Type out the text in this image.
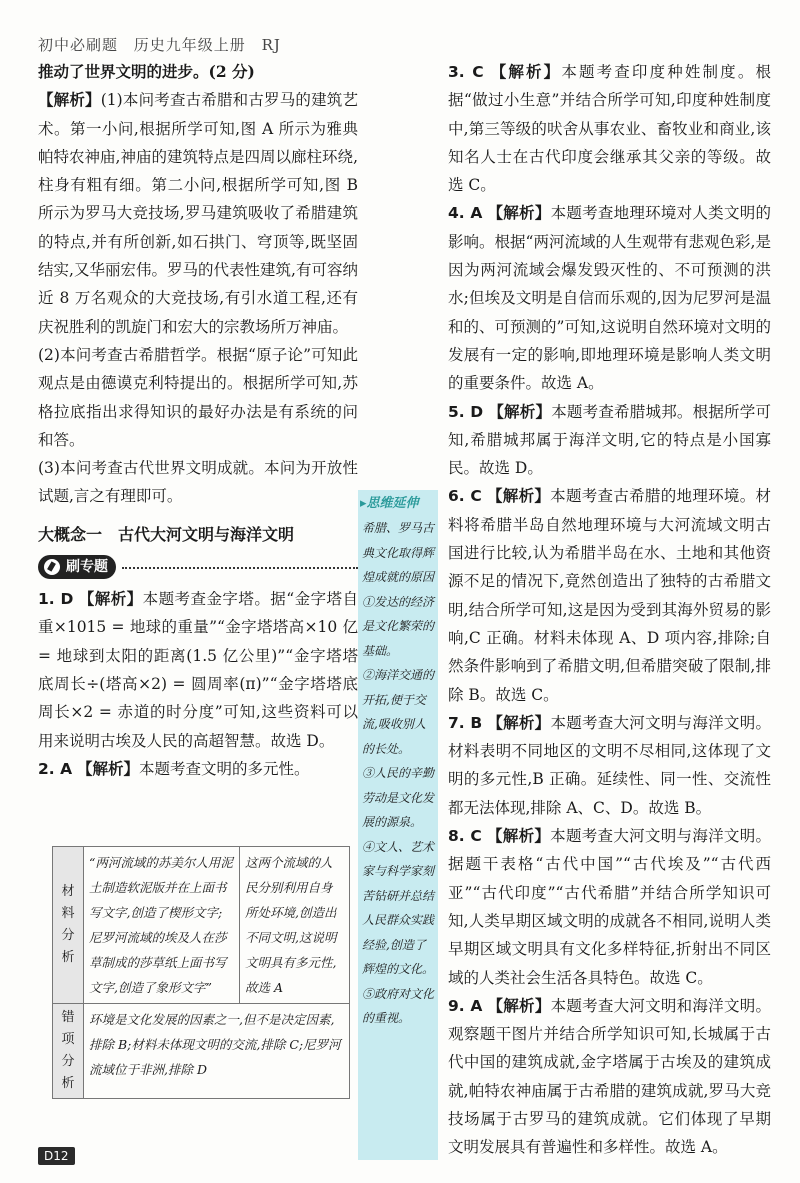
初中必刷题 历史九年级上册 RJ

推动了世界文明的进步。(2 分)

【解析】(1)本问考查古希腊和古罗马的建筑艺术。第一小问,根据所学可知,图 A 所示为雅典帕特农神庙,神庙的建筑特点是四周以廊柱环绕,柱身有粗有细。第二小问,根据所学可知,图 B 所示为罗马大竞技场,罗马建筑吸收了希腊建筑的特点,并有所创新,如石拱门、穹顶等,既坚固结实,又华丽宏伟。罗马的代表性建筑,有可容纳近 8 万名观众的大竞技场,有引水道工程,还有庆祝胜利的凯旋门和宏大的宗教场所万神庙。

(2)本问考查古希腊哲学。根据“原子论”可知此观点是由德谟克利特提出的。根据所学可知,苏格拉底指出求得知识的最好办法是有系统的问和答。

(3)本问考查古代世界文明成就。本问为开放性试题,言之有理即可。

大概念一　古代大河文明与海洋文明
刷专题

1. D 【解析】本题考查金字塔。据“金字塔自重×1015 = 地球的重量”“金字塔塔高×10 亿 = 地球到太阳的距离(1.5 亿公里)”“金字塔塔底周长÷(塔高×2) = 圆周率(π)”“金字塔塔底周长×2 = 赤道的时分度”可知,这些资料可以用来说明古埃及人民的高超智慧。故选 D。

2. A 【解析】本题考查文明的多元性。

材料分析	“两河流域的苏美尔人用泥土制造软泥版并在上面书写文字,创造了楔形文字;尼罗河流域的埃及人在莎草制成的莎草纸上面书写文字,创造了象形文字”	这两个流域的人民分别利用自身所处环境,创造出不同文明,这说明文明具有多元性,故选 A
错项分析	环境是文化发展的因素之一,但不是决定因素,排除 B;材料未体现文明的交流,排除 C;尼罗河流域位于非洲,排除 D	
▸思维延伸

希腊、罗马古典文化取得辉煌成就的原因

①发达的经济是文化繁荣的基础。

②海洋交通的开拓,便于交流,吸收别人的长处。

③人民的辛勤劳动是文化发展的源泉。

④文人、艺术家与科学家刻苦钻研并总结人民群众实践经验,创造了辉煌的文化。

⑤政府对文化的重视。

3. C 【解析】本题考查印度种姓制度。根据“做过小生意”并结合所学可知,印度种姓制度中,第三等级的吠舍从事农业、畜牧业和商业,该知名人士在古代印度会继承其父亲的等级。故选 C。

4. A 【解析】本题考查地理环境对人类文明的影响。根据“两河流域的人生观带有悲观色彩,是因为两河流域会爆发毁灭性的、不可预测的洪水;但埃及文明是自信而乐观的,因为尼罗河是温和的、可预测的”可知,这说明自然环境对文明的发展有一定的影响,即地理环境是影响人类文明的重要条件。故选 A。

5. D 【解析】本题考查希腊城邦。根据所学可知,希腊城邦属于海洋文明,它的特点是小国寡民。故选 D。

6. C 【解析】本题考查古希腊的地理环境。材料将希腊半岛自然地理环境与大河流域文明古国进行比较,认为希腊半岛在水、土地和其他资源不足的情况下,竟然创造出了独特的古希腊文明,结合所学可知,这是因为受到其海外贸易的影响,C 正确。材料未体现 A、D 项内容,排除;自然条件影响到了希腊文明,但希腊突破了限制,排除 B。故选 C。

7. B 【解析】本题考查大河文明与海洋文明。材料表明不同地区的文明不尽相同,这体现了文明的多元性,B 正确。延续性、同一性、交流性都无法体现,排除 A、C、D。故选 B。

8. C 【解析】本题考查大河文明与海洋文明。据题干表格“古代中国”“古代埃及”“古代西亚”“古代印度”“古代希腊”并结合所学知识可知,人类早期区域文明的成就各不相同,说明人类早期区域文明具有文化多样特征,折射出不同区域的人类社会生活各具特色。故选 C。

9. A 【解析】本题考查大河文明和海洋文明。观察题干图片并结合所学知识可知,长城属于古代中国的建筑成就,金字塔属于古埃及的建筑成就,帕特农神庙属于古希腊的建筑成就,罗马大竞技场属于古罗马的建筑成就。它们体现了早期文明发展具有普遍性和多样性。故选 A。

D12
